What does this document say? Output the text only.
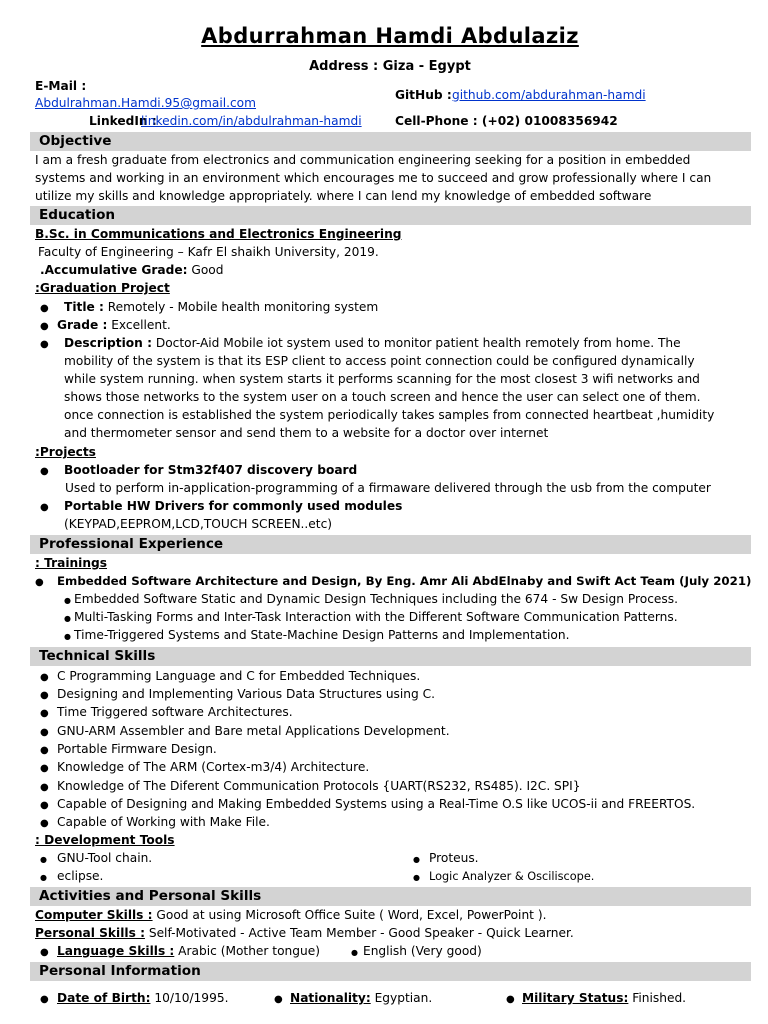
Abdurrahman Hamdi Abdulaziz
Address : Giza - Egypt
E-Mail :
Abdulrahman.Hamdi.95@gmail.com
LinkedIn :
linkedin.com/in/abdulrahman-hamdi
GitHub : github.com/abdurahman-hamdi
Cell-Phone : (+02) 01008356942
Objective
I am a fresh graduate from electronics and communication engineering seeking for a position in embedded
systems and working in an environment which encourages me to succeed and grow professionally where I can
utilize my skills and knowledge appropriately. where I can lend my knowledge of embedded software
Education
B.Sc. in Communications and Electronics Engineering
Faculty of Engineering – Kafr El shaikh University, 2019.
.Accumulative Grade: Good
:Graduation Project
● Title : Remotely - Mobile health monitoring system
● Grade : Excellent.
● Description : Doctor-Aid Mobile iot system used to monitor patient health remotely from home. The
mobility of the system is that its ESP client to access point connection could be configured dynamically
while system running. when system starts it performs scanning for the most closest 3 wifi networks and
shows those networks to the system user on a touch screen and hence the user can select one of them.
once connection is established the system periodically takes samples from connected heartbeat ,humidity
and thermometer sensor and send them to a website for a doctor over internet
:Projects
● Bootloader for Stm32f407 discovery board
Used to perform in-application-programming of a firmaware delivered through the usb from the computer
● Portable HW Drivers for commonly used modules
(KEYPAD,EEPROM,LCD,TOUCH SCREEN..etc)
Professional Experience
: Trainings
● Embedded Software Architecture and Design, By Eng. Amr Ali AbdElnaby and Swift Act Team (July 2021)
● Embedded Software Static and Dynamic Design Techniques including the 674 - Sw Design Process.
● Multi-Tasking Forms and Inter-Task Interaction with the Different Software Communication Patterns.
● Time-Triggered Systems and State-Machine Design Patterns and Implementation.
Technical Skills
● C Programming Language and C for Embedded Techniques.
● Designing and Implementing Various Data Structures using C.
● Time Triggered software Architectures.
● GNU-ARM Assembler and Bare metal Applications Development.
● Portable Firmware Design.
● Knowledge of The ARM (Cortex-m3/4) Architecture.
● Knowledge of The Diferent Communication Protocols {UART(RS232, RS485). I2C. SPI}
● Capable of Designing and Making Embedded Systems using a Real-Time O.S like UCOS-ii and FREERTOS.
● Capable of Working with Make File.
: Development Tools
● GNU-Tool chain.
● eclipse.
● Proteus.
● Logic Analyzer & Osciliscope.
Activities and Personal Skills
Computer Skills : Good at using Microsoft Office Suite ( Word, Excel, PowerPoint ).
Personal Skills : Self-Motivated - Active Team Member - Good Speaker - Quick Learner.
● Language Skills : Arabic (Mother tongue)	● English (Very good)
Personal Information
● Date of Birth: 10/10/1995.	● Nationality: Egyptian.	● Military Status: Finished.
